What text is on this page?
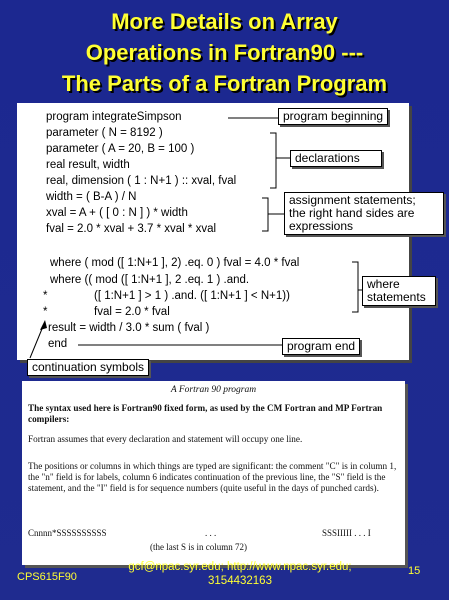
More Details on Array
Operations in Fortran90 ---
The Parts of a Fortran Program
program integrateSimpson
parameter ( N = 8192 )
parameter ( A = 20, B = 100 )
real result, width
real, dimension ( 1 : N+1 ) :: xval, fval
width = ( B-A ) / N
xval = A + ( [ 0 : N ] ) * width
fval = 2.0 * xval + 3.7 * xval * xval
where ( mod ([ 1:N+1 ], 2) .eq. 0 ) fval = 4.0 * fval
where (( mod ([ 1:N+1 ], 2 .eq. 1 ) .and.
*	([ 1:N+1 ] > 1 ) .and. ([ 1:N+1 ] < N+1))
*	fval = 2.0 * fval
result = width / 3.0 * sum ( fval )
end
program beginning
declarations
assignment statements;
the right hand sides are
expressions
where
statements
program end
continuation symbols
A Fortran 90 program
The syntax used here is Fortran90 fixed form, as used by the CM Fortran and MP Fortran compilers:
Fortran assumes that every declaration and statement will occupy one line.
The positions or columns in which things are typed are significant: the comment "C" is in column 1, the "n" field is for labels, column 6 indicates continuation of the previous line, the "S" field is the statement, and the "I" field is for sequence numbers (quite useful in the days of punched cards).
Cnnnn*SSSSSSSSSS	. . .	SSSIIIII . . . I
(the last S is in column 72)
CPS615F90
gcf@npac.syr.edu; http://www.npac.syr.edu;
3154432163
15
